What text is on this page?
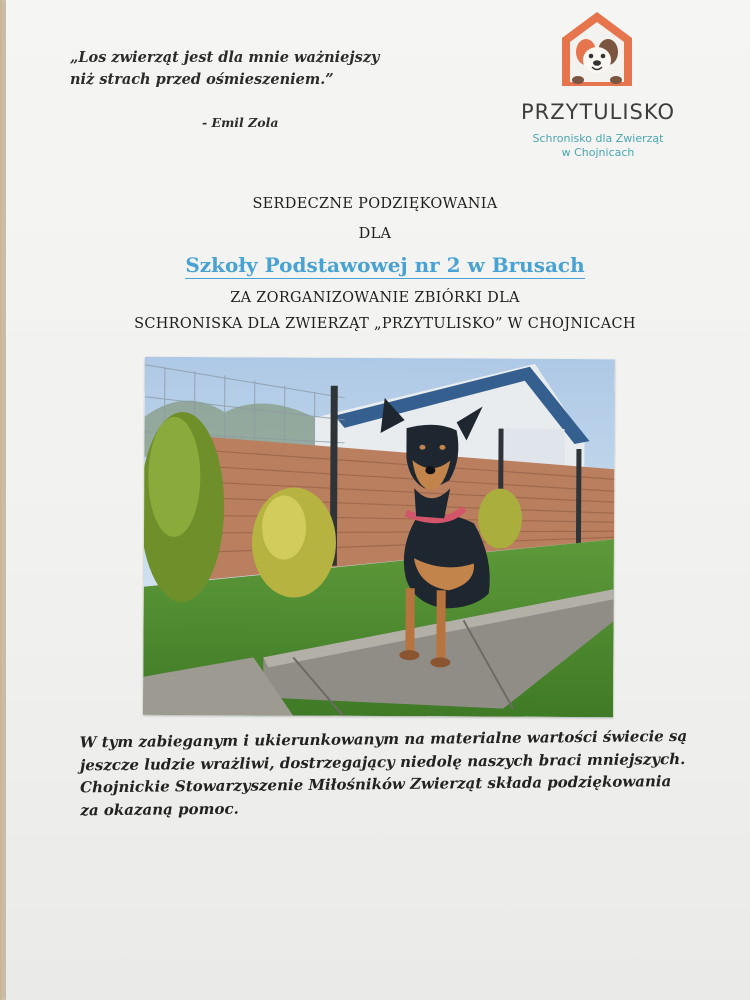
„Los zwierząt jest dla mnie ważniejszy
niż strach przed ośmieszeniem.”
- Emil Zola	PRZYTULISKO
Schronisko dla Zwierząt
w Chojnicach
SERDECZNE PODZIĘKOWANIA
DLA
Szkoły Podstawowej nr 2 w Brusach
ZA ZORGANIZOWANIE ZBIÓRKI DLA
SCHRONISKA DLA ZWIERZĄT „PRZYTULISKO” W CHOJNICACH
W tym zabieganym i ukierunkowanym na materialne wartości świecie są
jeszcze ludzie wrażliwi, dostrzegający niedolę naszych braci mniejszych.
Chojnickie Stowarzyszenie Miłośników Zwierząt składa podziękowania
za okazaną pomoc.
